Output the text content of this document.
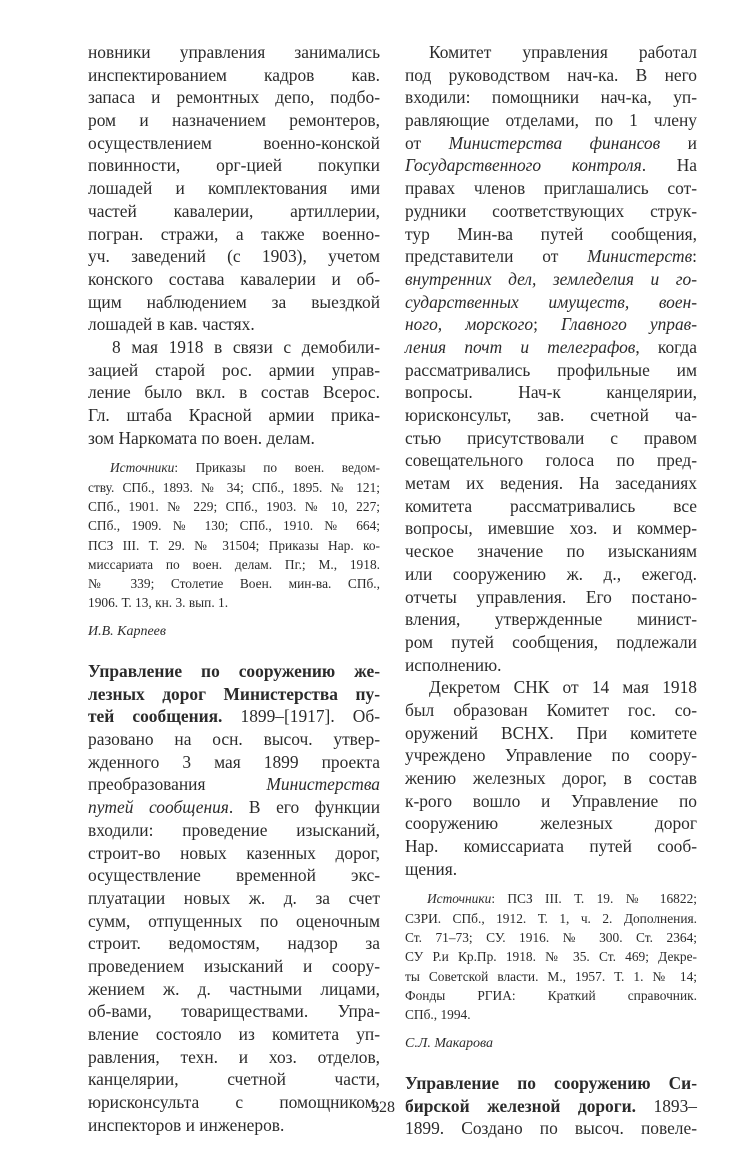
новники управления занимались
инспектированием кадров кав.
запаса и ремонтных депо, подбо-
ром и назначением ремонтеров,
осуществлением военно-конской
повинности, орг-цией покупки
лошадей и комплектования ими
частей кавалерии, артиллерии,
погран. стражи, а также военно-
уч. заведений (с 1903), учетом
конского состава кавалерии и об-
щим наблюдением за выездкой
лошадей в кав. частях.
8 мая 1918 в связи с демобили-
зацией старой рос. армии управ-
ление было вкл. в состав Всерос.
Гл. штаба Красной армии прика-
зом Наркомата по воен. делам.
Источники: Приказы по воен. ведом-
ству. СПб., 1893. № 34; СПб., 1895. № 121;
СПб., 1901. № 229; СПб., 1903. № 10, 227;
СПб., 1909. № 130; СПб., 1910. № 664;
ПСЗ III. Т. 29. № 31504; Приказы Нар. ко-
миссариата по воен. делам. Пг.; М., 1918.
№ 339; Столетие Воен. мин-ва. СПб.,
1906. Т. 13, кн. 3. вып. 1.
И.В. Карпеев
Управление по сооружению же-
лезных дорог Министерства пу-
тей сообщения. 1899–[1917]. Об-
разовано на осн. высоч. утвер-
жденного 3 мая 1899 проекта
преобразования Министерства
путей сообщения. В его функции
входили: проведение изысканий,
строит-во новых казенных дорог,
осуществление временной экс-
плуатации новых ж. д. за счет
сумм, отпущенных по оценочным
строит. ведомостям, надзор за
проведением изысканий и соору-
жением ж. д. частными лицами,
об-вами, товариществами. Упра-
вление состояло из комитета уп-
равления, техн. и хоз. отделов,
канцелярии, счетной части,
юрисконсульта с помощником,
инспекторов и инженеров.
Комитет управления работал
под руководством нач-ка. В него
входили: помощники нач-ка, уп-
равляющие отделами, по 1 члену
от Министерства финансов и
Государственного контроля. На
правах членов приглашались сот-
рудники соответствующих струк-
тур Мин-ва путей сообщения,
представители от Министерств:
внутренних дел, земледелия и го-
сударственных имуществ, воен-
ного, морского; Главного управ-
ления почт и телеграфов, когда
рассматривались профильные им
вопросы. Нач-к канцелярии,
юрисконсульт, зав. счетной ча-
стью присутствовали с правом
совещательного голоса по пред-
метам их ведения. На заседаниях
комитета рассматривались все
вопросы, имевшие хоз. и коммер-
ческое значение по изысканиям
или сооружению ж. д., ежегод.
отчеты управления. Его постано-
вления, утвержденные минист-
ром путей сообщения, подлежали
исполнению.
Декретом СНК от 14 мая 1918
был образован Комитет гос. со-
оружений ВСНХ. При комитете
учреждено Управление по соору-
жению железных дорог, в состав
к-рого вошло и Управление по
сооружению железных дорог
Нар. комиссариата путей сооб-
щения.
Источники: ПСЗ III. Т. 19. № 16822;
СЗРИ. СПб., 1912. Т. 1, ч. 2. Дополнения.
Ст. 71–73; СУ. 1916. № 300. Ст. 2364;
СУ Р.и Кр.Пр. 1918. № 35. Ст. 469; Декре-
ты Советской власти. М., 1957. Т. 1. № 14;
Фонды РГИА: Краткий справочник.
СПб., 1994.
С.Л. Макарова
Управление по сооружению Си-
бирской железной дороги. 1893–
1899. Создано по высоч. повеле-
328
